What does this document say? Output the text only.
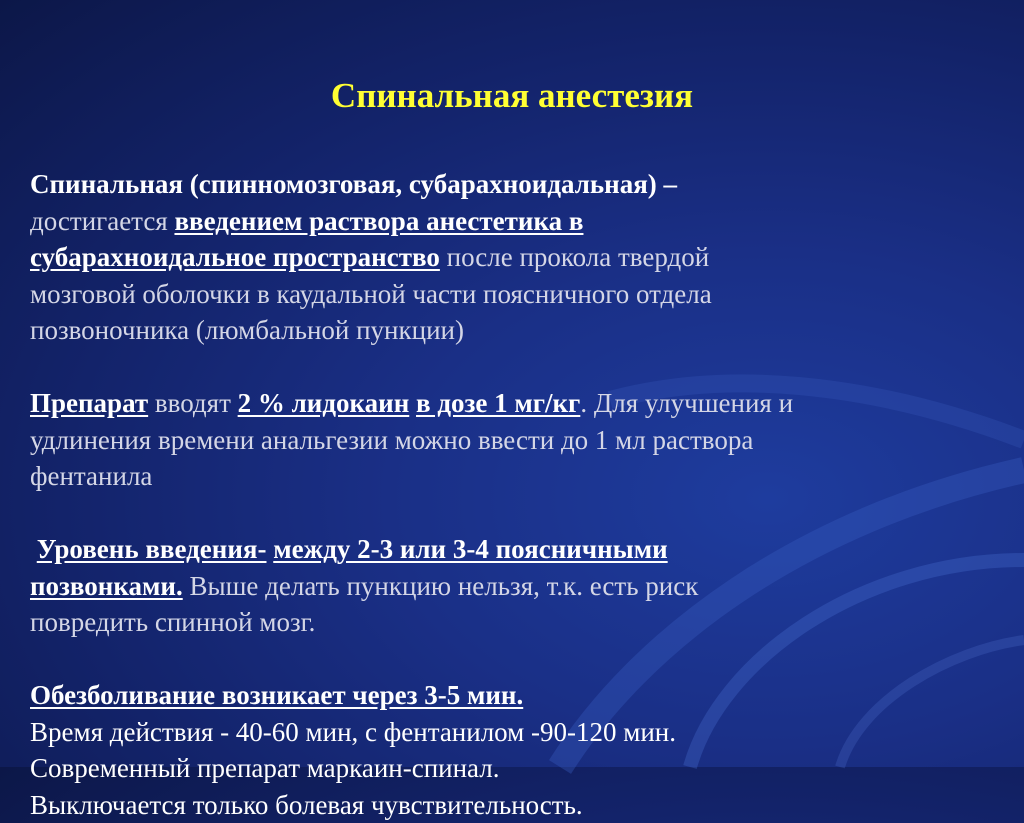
Спинальная анестезия

Спинальная (спинномозговая, субарахноидальная) –
достигается введением раствора анестетика в
субарахноидальное пространство после прокола твердой
мозговой оболочки в каудальной части поясничного отдела
позвоночника (люмбальной пункции)

Препарат вводят 2 % лидокаин в дозе 1 мг/кг. Для улучшения и
удлинения времени анальгезии можно ввести до 1 мл раствора
фентанила

Уровень введения- между 2-3 или 3-4 поясничными
позвонками. Выше делать пункцию нельзя, т.к. есть риск
повредить спинной мозг.

Обезболивание возникает через 3-5 мин.
Время действия - 40-60 мин, с фентанилом -90-120 мин.
Современный препарат маркаин-спинал.
Выключается только болевая чувствительность.
